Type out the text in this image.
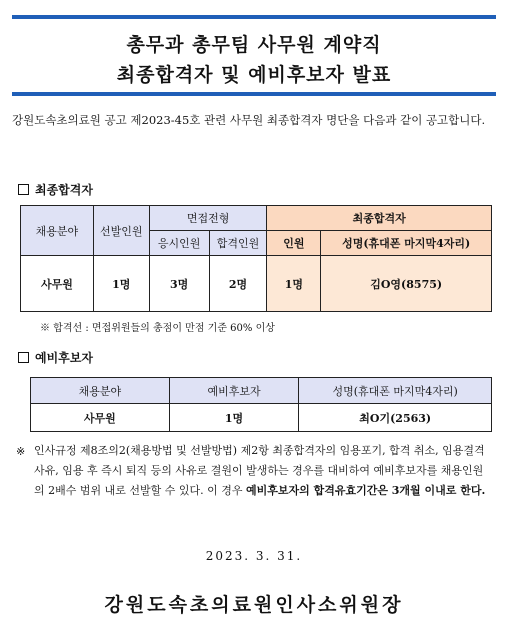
총무과 총무팀 사무원 계약직
최종합격자 및 예비후보자 발표
강원도속초의료원 공고 제2023-45호 관련 사무원 최종합격자 명단을 다음과 같이 공고합니다.
최종합격자
채용분야	선발인원	면접전형		최종합격자	
		응시인원	합격인원	인원	성명(휴대폰 마지막4자리)
사무원	1명	3명	2명	1명	김O영(8575)
※ 합격선 : 면접위원들의 총점이 만점 기준 60% 이상
예비후보자
채용분야	예비후보자	성명(휴대폰 마지막4자리)
사무원	1명	최O기(2563)
※ 인사규정 제8조의2(채용방법 및 선발방법) 제2항 최종합격자의 임용포기, 합격 취소, 임용결격 사유, 임용 후 즉시 퇴직 등의 사유로 결원이 발생하는 경우를 대비하여 예비후보자를 채용인원의 2배수 범위 내로 선발할 수 있다. 이 경우 예비후보자의 합격유효기간은 3개월 이내로 한다.
2023. 3. 31.
강원도속초의료원인사소위원장
